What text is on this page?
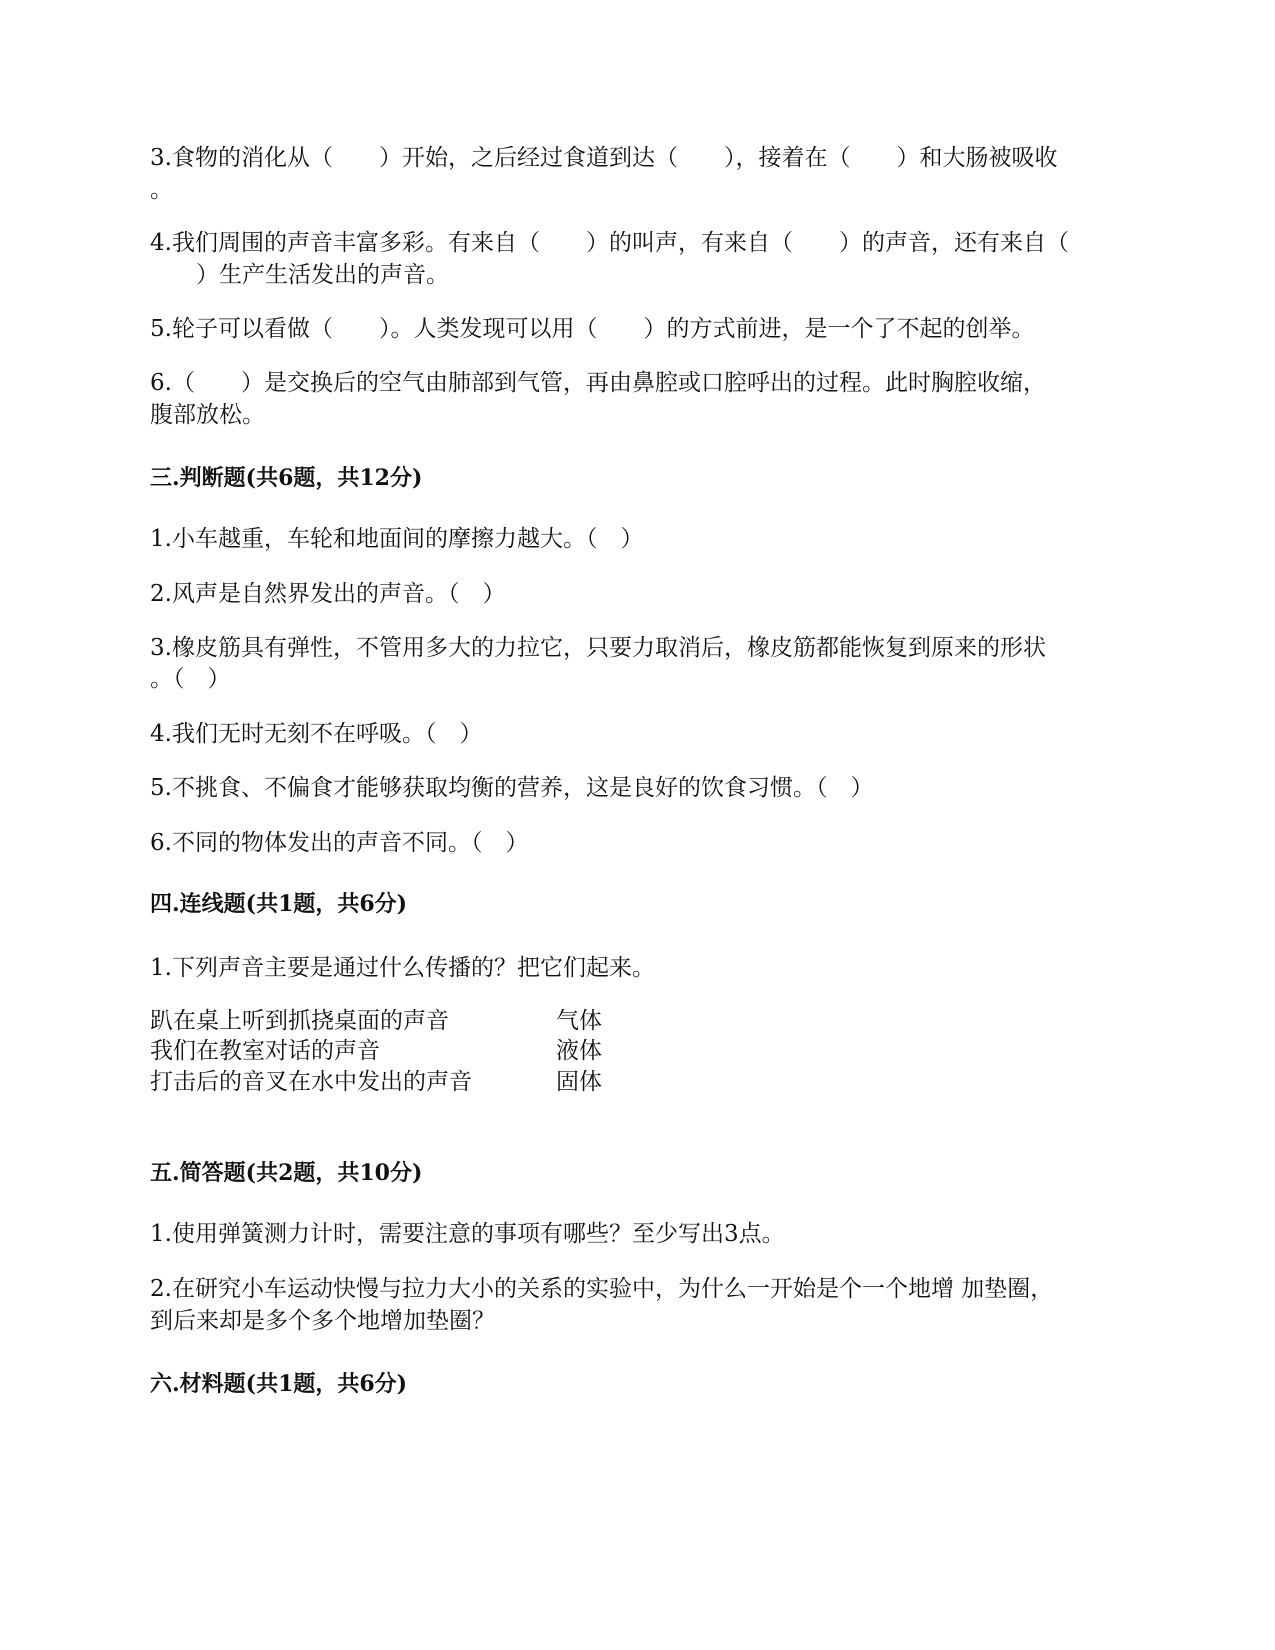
3.食物的消化从（　　）开始，之后经过食道到达（　　），接着在（　　）和大肠被吸收
。
4.我们周围的声音丰富多彩。有来自（　　）的叫声，有来自（　　）的声音，还有来自（
　　）生产生活发出的声音。
5.轮子可以看做（　　）。人类发现可以用（　　）的方式前进，是一个了不起的创举。
6.（　　）是交换后的空气由肺部到气管，再由鼻腔或口腔呼出的过程。此时胸腔收缩，
腹部放松。
三.判断题(共6题，共12分)
1.小车越重，车轮和地面间的摩擦力越大。（　）
2.风声是自然界发出的声音。（　）
3.橡皮筋具有弹性，不管用多大的力拉它，只要力取消后，橡皮筋都能恢复到原来的形状
。（　）
4.我们无时无刻不在呼吸。（　）
5.不挑食、不偏食才能够获取均衡的营养，这是良好的饮食习惯。（　）
6.不同的物体发出的声音不同。（　）
四.连线题(共1题，共6分)
1.下列声音主要是通过什么传播的？把它们起来。
趴在桌上听到抓挠桌面的声音
我们在教室对话的声音
打击后的音叉在水中发出的声音
气体
液体
固体
五.简答题(共2题，共10分)
1.使用弹簧测力计时，需要注意的事项有哪些？至少写出3点。
2.在研究小车运动快慢与拉力大小的关系的实验中，为什么一开始是个一个地增 加垫圈，
到后来却是多个多个地增加垫圈？
六.材料题(共1题，共6分)
